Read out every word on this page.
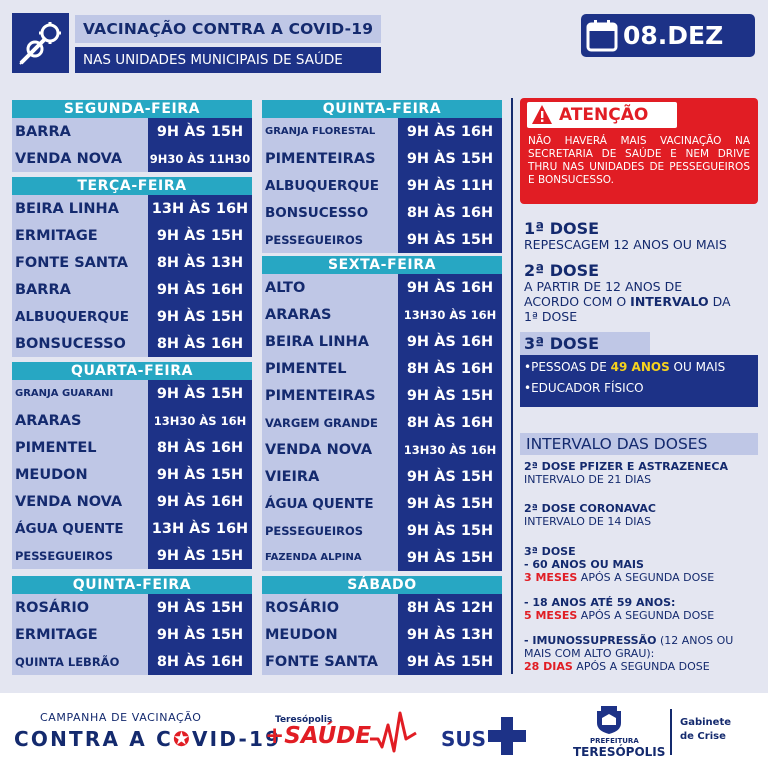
VACINAÇÃO CONTRA A COVID-19
NAS UNIDADES MUNICIPAIS DE SAÚDE
08.DEZ
SEGUNDA-FEIRA
BARRA	9H ÀS 15H
VENDA NOVA	9H30 ÀS 11H30
TERÇA-FEIRA
BEIRA LINHA	13H ÀS 16H
ERMITAGE	9H ÀS 15H
FONTE SANTA	8H ÀS 13H
BARRA	9H ÀS 16H
ALBUQUERQUE	9H ÀS 15H
BONSUCESSO	8H ÀS 16H
QUARTA-FEIRA
GRANJA GUARANI	9H ÀS 15H
ARARAS	13H30 ÀS 16H
PIMENTEL	8H ÀS 16H
MEUDON	9H ÀS 15H
VENDA NOVA	9H ÀS 16H
ÁGUA QUENTE	13H ÀS 16H
PESSEGUEIROS	9H ÀS 15H
QUINTA-FEIRA
ROSÁRIO	9H ÀS 15H
ERMITAGE	9H ÀS 15H
QUINTA LEBRÃO	8H ÀS 16H
QUINTA-FEIRA
GRANJA FLORESTAL	9H ÀS 16H
PIMENTEIRAS	9H ÀS 15H
ALBUQUERQUE	9H ÀS 11H
BONSUCESSO	8H ÀS 16H
PESSEGUEIROS	9H ÀS 15H
SEXTA-FEIRA
ALTO	9H ÀS 16H
ARARAS	13H30 ÀS 16H
BEIRA LINHA	9H ÀS 16H
PIMENTEL	8H ÀS 16H
PIMENTEIRAS	9H ÀS 15H
VARGEM GRANDE	8H ÀS 16H
VENDA NOVA	13H30 ÀS 16H
VIEIRA	9H ÀS 15H
ÁGUA QUENTE	9H ÀS 15H
PESSEGUEIROS	9H ÀS 15H
FAZENDA ALPINA	9H ÀS 15H
SÁBADO
ROSÁRIO	8H ÀS 12H
MEUDON	9H ÀS 13H
FONTE SANTA	9H ÀS 15H
ATENÇÃO
NÃO HAVERÁ MAIS VACINAÇÃO NA SECRETARIA DE SAÚDE E NEM DRIVE THRU NAS UNIDADES DE PESSEGUEIROS E BONSUCESSO.
1ª DOSE
REPESCAGEM 12 ANOS OU MAIS
2ª DOSE
A PARTIR DE 12 ANOS DE
ACORDO COM O INTERVALO DA
1ª DOSE
3ª DOSE
•PESSOAS DE 49 ANOS OU MAIS
•EDUCADOR FÍSICO
INTERVALO DAS DOSES
2ª DOSE PFIZER E ASTRAZENECA
INTERVALO DE 21 DIAS
2ª DOSE CORONAVAC
INTERVALO DE 14 DIAS
3ª DOSE
- 60 ANOS OU MAIS
3 MESES APÓS A SEGUNDA DOSE
- 18 ANOS ATÉ 59 ANOS:
5 MESES APÓS A SEGUNDA DOSE
- IMUNOSSUPRESSÃO (12 ANOS OU
MAIS COM ALTO GRAU):
28 DIAS APÓS A SEGUNDA DOSE
CAMPANHA DE VACINAÇÃO
CONTRA A C✪VID-19
Teresópolis
+SAÚDE	SUS	PREFEITURA
TERESÓPOLIS
Gabinete
de Crise
